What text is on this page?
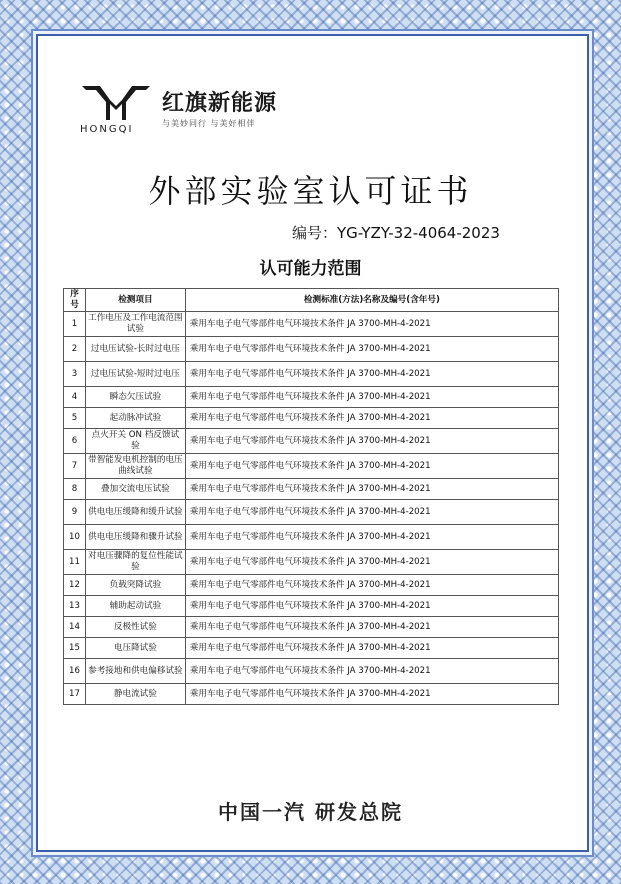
HONGQI
红旗新能源
与美妙同行 与美好相伴
外部实验室认可证书
编号：YG-YZY-32-4064-2023
认可能力范围
序号	检测项目	检测标准(方法)名称及编号(含年号)
1	工作电压及工作电流范围试验	乘用车电子电气零部件电气环境技术条件 JA 3700-MH-4-2021
2	过电压试验-长时过电压	乘用车电子电气零部件电气环境技术条件 JA 3700-MH-4-2021
3	过电压试验-短时过电压	乘用车电子电气零部件电气环境技术条件 JA 3700-MH-4-2021
4	瞬态欠压试验	乘用车电子电气零部件电气环境技术条件 JA 3700-MH-4-2021
5	起动脉冲试验	乘用车电子电气零部件电气环境技术条件 JA 3700-MH-4-2021
6	点火开关 ON 档反馈试验	乘用车电子电气零部件电气环境技术条件 JA 3700-MH-4-2021
7	带智能发电机控制的电压曲线试验	乘用车电子电气零部件电气环境技术条件 JA 3700-MH-4-2021
8	叠加交流电压试验	乘用车电子电气零部件电气环境技术条件 JA 3700-MH-4-2021
9	供电电压缓降和缓升试验	乘用车电子电气零部件电气环境技术条件 JA 3700-MH-4-2021
10	供电电压缓降和骤升试验	乘用车电子电气零部件电气环境技术条件 JA 3700-MH-4-2021
11	对电压骤降的复位性能试验	乘用车电子电气零部件电气环境技术条件 JA 3700-MH-4-2021
12	负载突降试验	乘用车电子电气零部件电气环境技术条件 JA 3700-MH-4-2021
13	辅助起动试验	乘用车电子电气零部件电气环境技术条件 JA 3700-MH-4-2021
14	反极性试验	乘用车电子电气零部件电气环境技术条件 JA 3700-MH-4-2021
15	电压降试验	乘用车电子电气零部件电气环境技术条件 JA 3700-MH-4-2021
16	参考接地和供电偏移试验	乘用车电子电气零部件电气环境技术条件 JA 3700-MH-4-2021
17	静电流试验	乘用车电子电气零部件电气环境技术条件 JA 3700-MH-4-2021
中国一汽 研发总院
